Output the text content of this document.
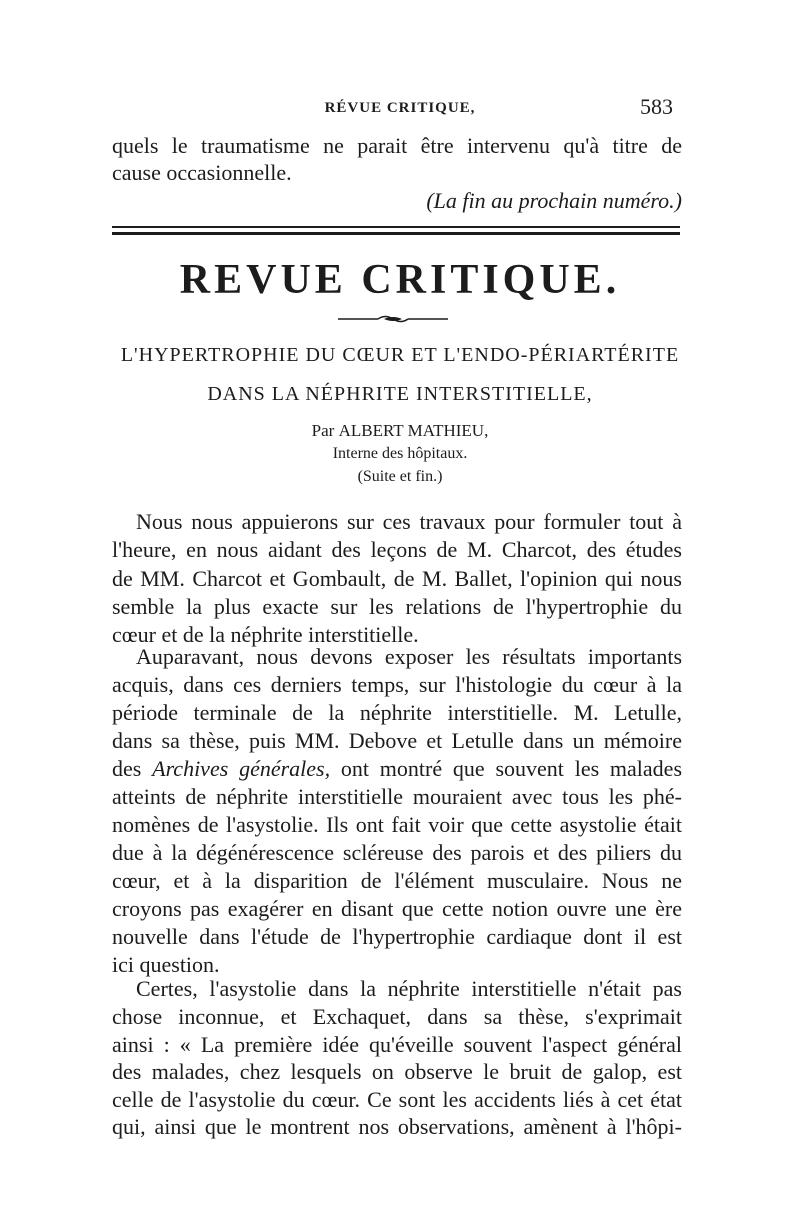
RÉVUE CRITIQUE,	583
quels le traumatisme ne parait être intervenu qu'à titre de
cause occasionnelle.
(La fin au prochain numéro.)
REVUE CRITIQUE.
L'HYPERTROPHIE DU CŒUR ET L'ENDO-PÉRIARTÉRITE
DANS LA NÉPHRITE INTERSTITIELLE,
Par ALBERT MATHIEU,
Interne des hôpitaux.
(Suite et fin.)
Nous nous appuierons sur ces travaux pour formuler tout à
l'heure, en nous aidant des leçons de M. Charcot, des études
de MM. Charcot et Gombault, de M. Ballet, l'opinion qui nous
semble la plus exacte sur les relations de l'hypertrophie du
cœur et de la néphrite interstitielle.
Auparavant, nous devons exposer les résultats importants
acquis, dans ces derniers temps, sur l'histologie du cœur à la
période terminale de la néphrite interstitielle. M. Letulle,
dans sa thèse, puis MM. Debove et Letulle dans un mémoire
des Archives générales, ont montré que souvent les malades
atteints de néphrite interstitielle mouraient avec tous les phé-
nomènes de l'asystolie. Ils ont fait voir que cette asystolie était
due à la dégénérescence scléreuse des parois et des piliers du
cœur, et à la disparition de l'élément musculaire. Nous ne
croyons pas exagérer en disant que cette notion ouvre une ère
nouvelle dans l'étude de l'hypertrophie cardiaque dont il est
ici question.
Certes, l'asystolie dans la néphrite interstitielle n'était pas
chose inconnue, et Exchaquet, dans sa thèse, s'exprimait
ainsi : « La première idée qu'éveille souvent l'aspect général
des malades, chez lesquels on observe le bruit de galop, est
celle de l'asystolie du cœur. Ce sont les accidents liés à cet état
qui, ainsi que le montrent nos observations, amènent à l'hôpi-
